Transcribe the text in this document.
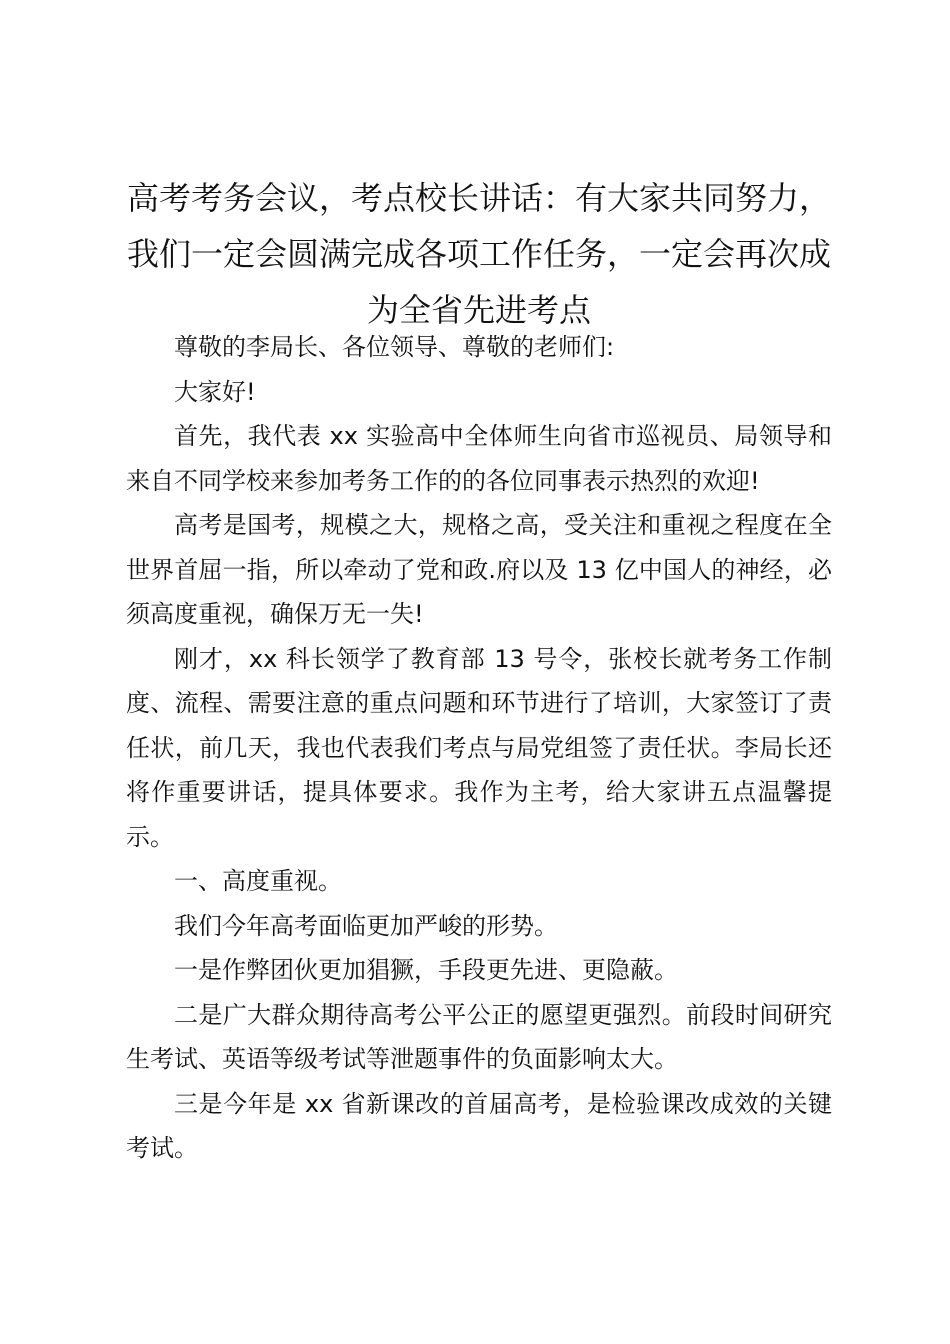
高考考务会议，考点校长讲话：有大家共同努力，我们一定会圆满完成各项工作任务，一定会再次成为全省先进考点

尊敬的李局长、各位领导、尊敬的老师们:

大家好!

首先，我代表 xx 实验高中全体师生向省市巡视员、局领导和来自不同学校来参加考务工作的的各位同事表示热烈的欢迎!

高考是国考，规模之大，规格之高，受关注和重视之程度在全世界首屈一指，所以牵动了党和政.府以及 13 亿中国人的神经，必须高度重视，确保万无一失!

刚才，xx 科长领学了教育部 13 号令，张校长就考务工作制度、流程、需要注意的重点问题和环节进行了培训，大家签订了责任状，前几天，我也代表我们考点与局党组签了责任状。李局长还将作重要讲话，提具体要求。我作为主考，给大家讲五点温馨提示。

一、高度重视。

我们今年高考面临更加严峻的形势。

一是作弊团伙更加猖獗，手段更先进、更隐蔽。

二是广大群众期待高考公平公正的愿望更强烈。前段时间研究生考试、英语等级考试等泄题事件的负面影响太大。

三是今年是 xx 省新课改的首届高考，是检验课改成效的关键考试。
